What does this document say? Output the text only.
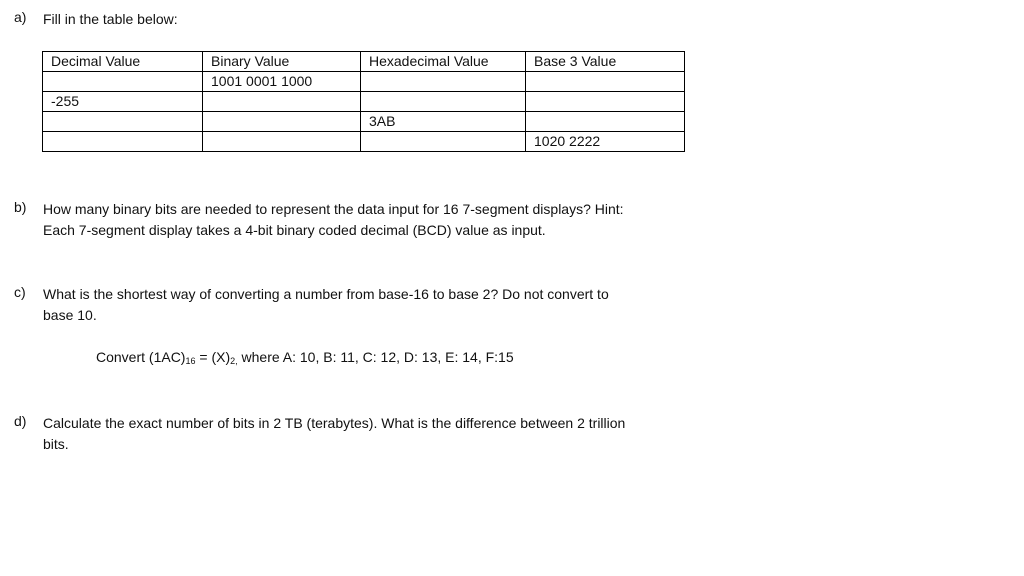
a) Fill in the table below:
Decimal Value	Binary Value	Hexadecimal Value	Base 3 Value
	1001 0001 1000		
-255			
		3AB	
			1020 2222
b) How many binary bits are needed to represent the data input for 16 7-segment displays? Hint:
Each 7-segment display takes a 4-bit binary coded decimal (BCD) value as input.
c) What is the shortest way of converting a number from base-16 to base 2? Do not convert to
base 10.
Convert $(1AC)_{16} = (X)_{2,}$ where A: 10, B: 11, C: 12, D: 13, E: 14, F:15
d) Calculate the exact number of bits in 2 TB (terabytes). What is the difference between 2 trillion
bits.
